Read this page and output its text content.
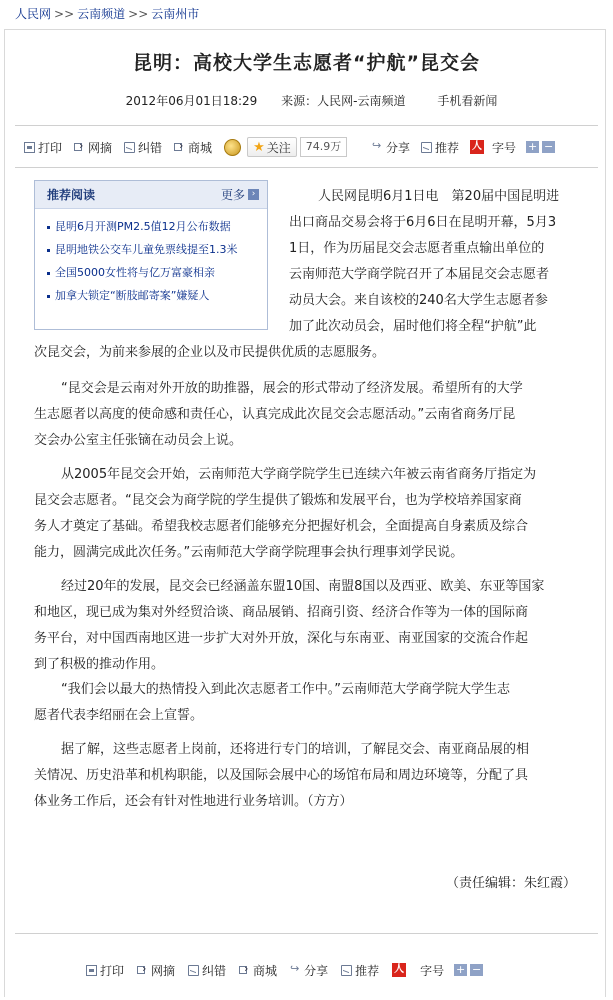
人民网 >> 云南频道 >> 云南州市
昆明：高校大学生志愿者“护航”昆交会
2012年06月01日18:29 来源：人民网-云南频道	手机看新闻
打印 › 网摘 纠错 › 商城	★ 关注	74.9万 ↪	分享 推荐 人 字号 + −
推荐阅读	更多 ›
昆明6月开测PM2.5值12月公布数据
昆明地铁公交车儿童免票线提至1.3米
全国5000女性将与亿万富豪相亲
加拿大锁定“断肢邮寄案”嫌疑人
人民网昆明6月1日电　第20届中国昆明进
出口商品交易会将于6月6日在昆明开幕，5月3
1日，作为历届昆交会志愿者重点输出单位的
云南师范大学商学院召开了本届昆交会志愿者
动员大会。来自该校的240名大学生志愿者参
加了此次动员会，届时他们将全程“护航”此
次昆交会，为前来参展的企业以及市民提供优质的志愿服务。
“昆交会是云南对外开放的助推器，展会的形式带动了经济发展。希望所有的大学
生志愿者以高度的使命感和责任心，认真完成此次昆交会志愿活动。”云南省商务厅昆
交会办公室主任张镝在动员会上说。
从2005年昆交会开始，云南师范大学商学院学生已连续六年被云南省商务厅指定为
昆交会志愿者。“昆交会为商学院的学生提供了锻炼和发展平台，也为学校培养国家商
务人才奠定了基础。希望我校志愿者们能够充分把握好机会，全面提高自身素质及综合
能力，圆满完成此次任务。”云南师范大学商学院理事会执行理事刘学民说。
经过20年的发展，昆交会已经涵盖东盟10国、南盟8国以及西亚、欧美、东亚等国家
和地区，现已成为集对外经贸洽谈、商品展销、招商引资、经济合作等为一体的国际商
务平台，对中国西南地区进一步扩大对外开放，深化与东南亚、南亚国家的交流合作起
到了积极的推动作用。
“我们会以最大的热情投入到此次志愿者工作中。”云南师范大学商学院大学生志
愿者代表李绍丽在会上宣誓。
据了解，这些志愿者上岗前，还将进行专门的培训，了解昆交会、南亚商品展的相
关情况、历史沿革和机构职能，以及国际会展中心的场馆布局和周边环境等，分配了具
体业务工作后，还会有针对性地进行业务培训。（方方）
（责任编辑：朱红霞）
打印 › 网摘 纠错 › 商城 ↪ 分享 推荐 人 字号 + −
